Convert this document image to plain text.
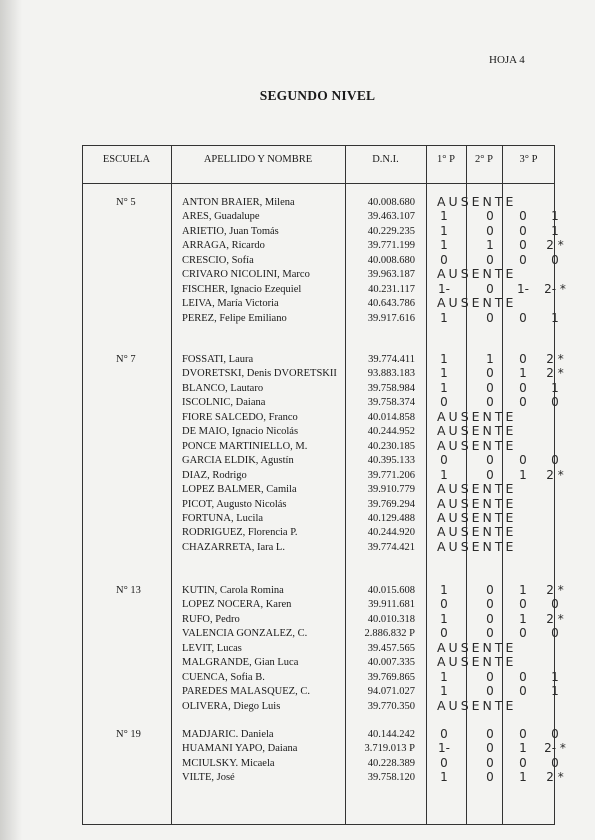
HOJA 4
SEGUNDO NIVEL
ESCUELA	APELLIDO Y NOMBRE	D.N.I.	1° P	2° P	3° P
N° 5	ANTON BRAIER, Milena	40.008.680 AUSENTE
ARES, Guadalupe	39.463.107	1	0	0	1
ARIETIO, Juan Tomás	40.229.235	1	0	0	1
ARRAGA, Ricardo	39.771.199	1	1	0	2 *
CRESCIO, Sofía	40.008.680	0	0	0	0
CRIVARO NICOLINI, Marco	39.963.187 AUSENTE
FISCHER, Ignacio Ezequiel	40.231.117	1-	0	1-	2- *
LEIVA, María Victoria	40.643.786 AUSENTE
PEREZ, Felipe Emiliano	39.917.616	1	0	0	1
N° 7	FOSSATI, Laura	39.774.411	1	1	0	2 *
DVORETSKI, Denis DVORETSKII	93.883.183	1	0	1	2 *
BLANCO, Lautaro	39.758.984	1	0	0	1
ISCOLNIC, Daiana	39.758.374	0	0	0	0
FIORE SALCEDO, Franco	40.014.858 AUSENTE
DE MAIO, Ignacio Nicolás	40.244.952 AUSENTE
PONCE MARTINIELLO, M.	40.230.185 AUSENTE
GARCIA ELDIK, Agustín	40.395.133	0	0	0	0
DIAZ, Rodrigo	39.771.206	1	0	1	2 *
LOPEZ BALMER, Camila	39.910.779 AUSENTE
PICOT, Augusto Nicolás	39.769.294 AUSENTE
FORTUNA, Lucila	40.129.488 AUSENTE
RODRIGUEZ, Florencia P.	40.244.920 AUSENTE
CHAZARRETA, Iara L.	39.774.421 AUSENTE
N° 13	KUTIN, Carola Romina	40.015.608	1	0	1	2 *
LOPEZ NOCERA, Karen	39.911.681	0	0	0	0
RUFO, Pedro	40.010.318	1	0	1	2 *
VALENCIA GONZALEZ, C.	2.886.832 P	0	0	0	0
LEVIT, Lucas	39.457.565 AUSENTE
MALGRANDE, Gian Luca	40.007.335 AUSENTE
CUENCA, Sofia B.	39.769.865	1	0	0	1
PAREDES MALASQUEZ, C.	94.071.027	1	0	0	1
OLIVERA, Diego Luis	39.770.350 AUSENTE
N° 19	MADJARIC. Daniela	40.144.242	0	0	0	0
HUAMANI YAPO, Daiana	3.719.013 P	1-	0	1	2- *
MCIULSKY. Micaela	40.228.389	0	0	0	0
VILTE, José	39.758.120	1	0	1	2 *
